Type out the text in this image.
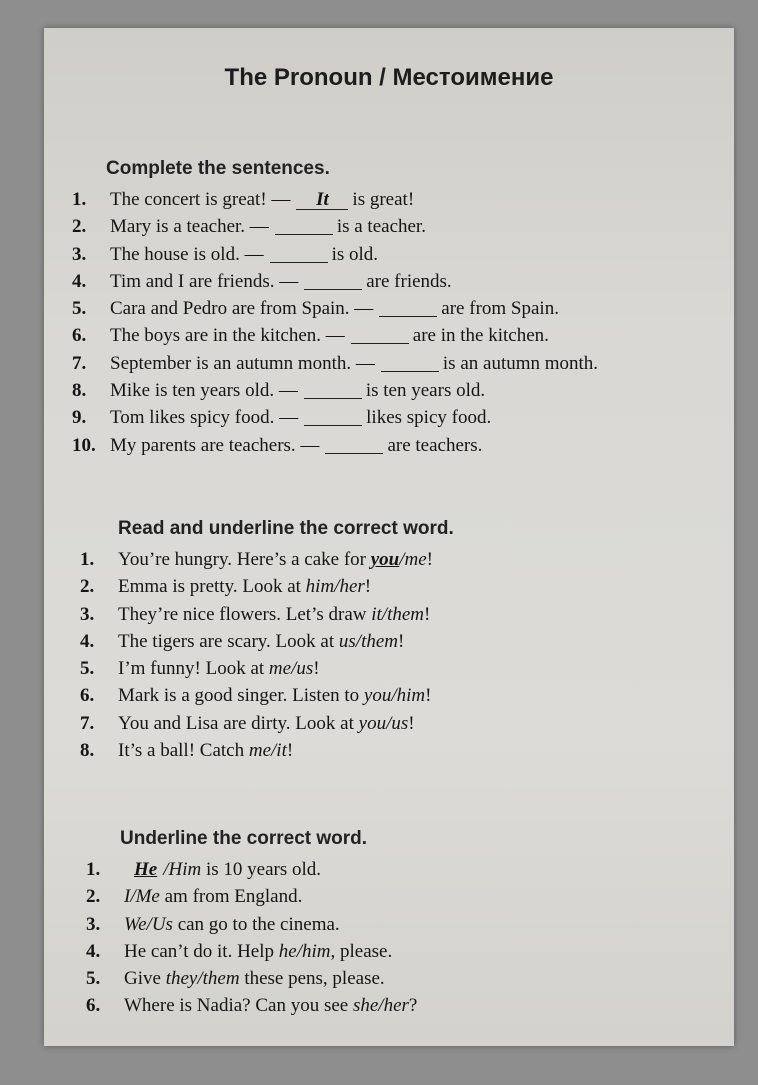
The Pronoun / Местоимение
Complete the sentences.
1. The concert is great! — It is great!
2. Mary is a teacher. —	is a teacher.
3. The house is old. —	is old.
4. Tim and I are friends. —	are friends.
5. Cara and Pedro are from Spain. —	are from Spain.
6. The boys are in the kitchen. —	are in the kitchen.
7. September is an autumn month. —	is an autumn month.
8. Mike is ten years old. —	is ten years old.
9. Tom likes spicy food. —	likes spicy food.
10. My parents are teachers. —	are teachers.
Read and underline the correct word.
1. You’re hungry. Here’s a cake for you/me!
2. Emma is pretty. Look at him/her!
3. They’re nice flowers. Let’s draw it/them!
4. The tigers are scary. Look at us/them!
5. I’m funny! Look at me/us!
6. Mark is a good singer. Listen to you/him!
7. You and Lisa are dirty. Look at you/us!
8. It’s a ball! Catch me/it!
Underline the correct word.
1. He /Him is 10 years old.
2. I/Me am from England.
3. We/Us can go to the cinema.
4. He can’t do it. Help he/him, please.
5. Give they/them these pens, please.
6. Where is Nadia? Can you see she/her?
